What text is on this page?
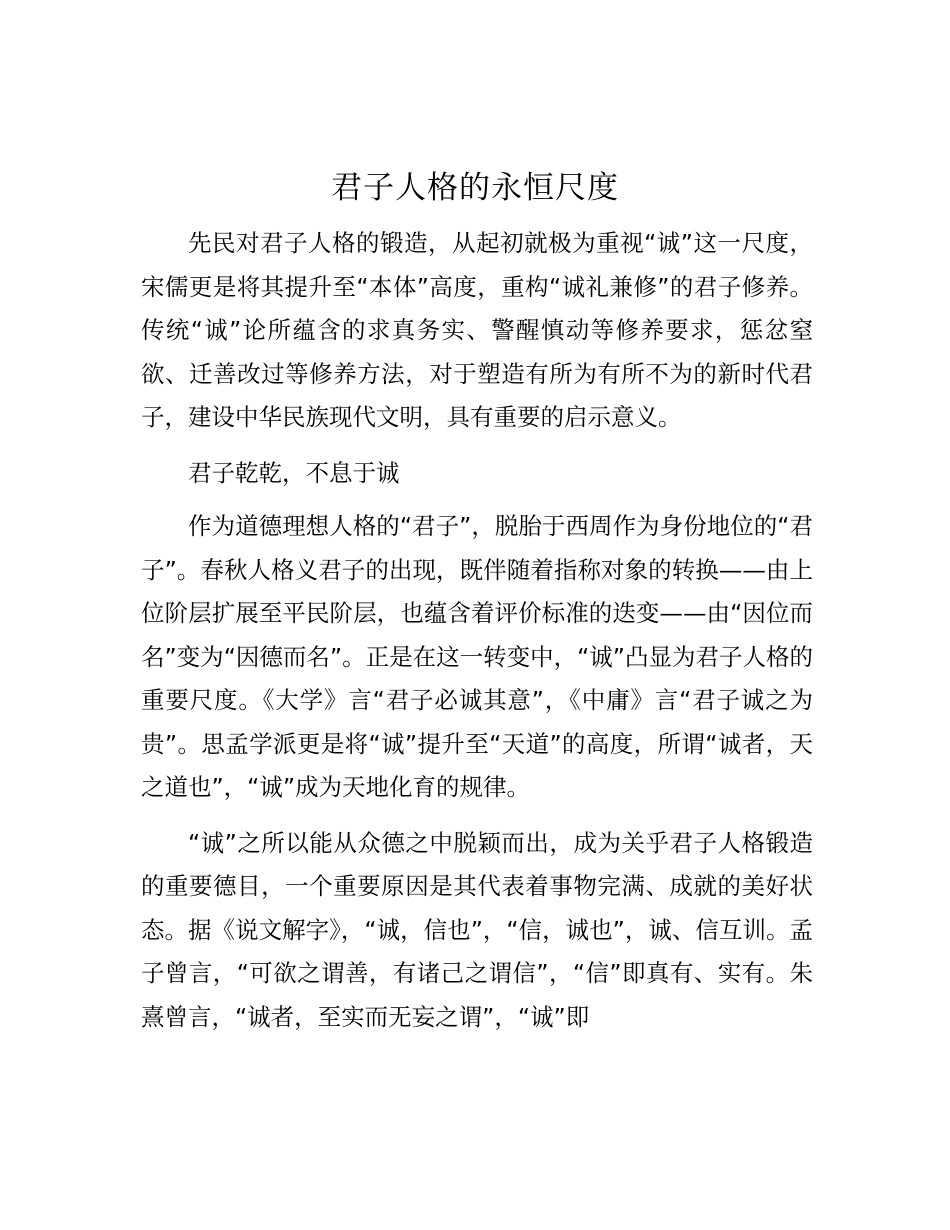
君子人格的永恒尺度

先民对君子人格的锻造，从起初就极为重视“诚”这一尺度，宋儒更是将其提升至“本体”高度，重构“诚礼兼修”的君子修养。传统“诚”论所蕴含的求真务实、警醒慎动等修养要求，惩忿窒欲、迁善改过等修养方法，对于塑造有所为有所不为的新时代君子，建设中华民族现代文明，具有重要的启示意义。

君子乾乾，不息于诚

作为道德理想人格的“君子”，脱胎于西周作为身份地位的“君子”。春秋人格义君子的出现，既伴随着指称对象的转换——由上位阶层扩展至平民阶层，也蕴含着评价标准的迭变——由“因位而名”变为“因德而名”。正是在这一转变中，“诚”凸显为君子人格的重要尺度。《大学》言“君子必诚其意”，《中庸》言“君子诚之为贵”。思孟学派更是将“诚”提升至“天道”的高度，所谓“诚者，天之道也”，“诚”成为天地化育的规律。

“诚”之所以能从众德之中脱颖而出，成为关乎君子人格锻造的重要德目，一个重要原因是其代表着事物完满、成就的美好状态。据《说文解字》，“诚，信也”，“信，诚也”，诚、信互训。孟子曾言，“可欲之谓善，有诸己之谓信”，“信”即真有、实有。朱熹曾言，“诚者，至实而无妄之谓”，“诚”即
